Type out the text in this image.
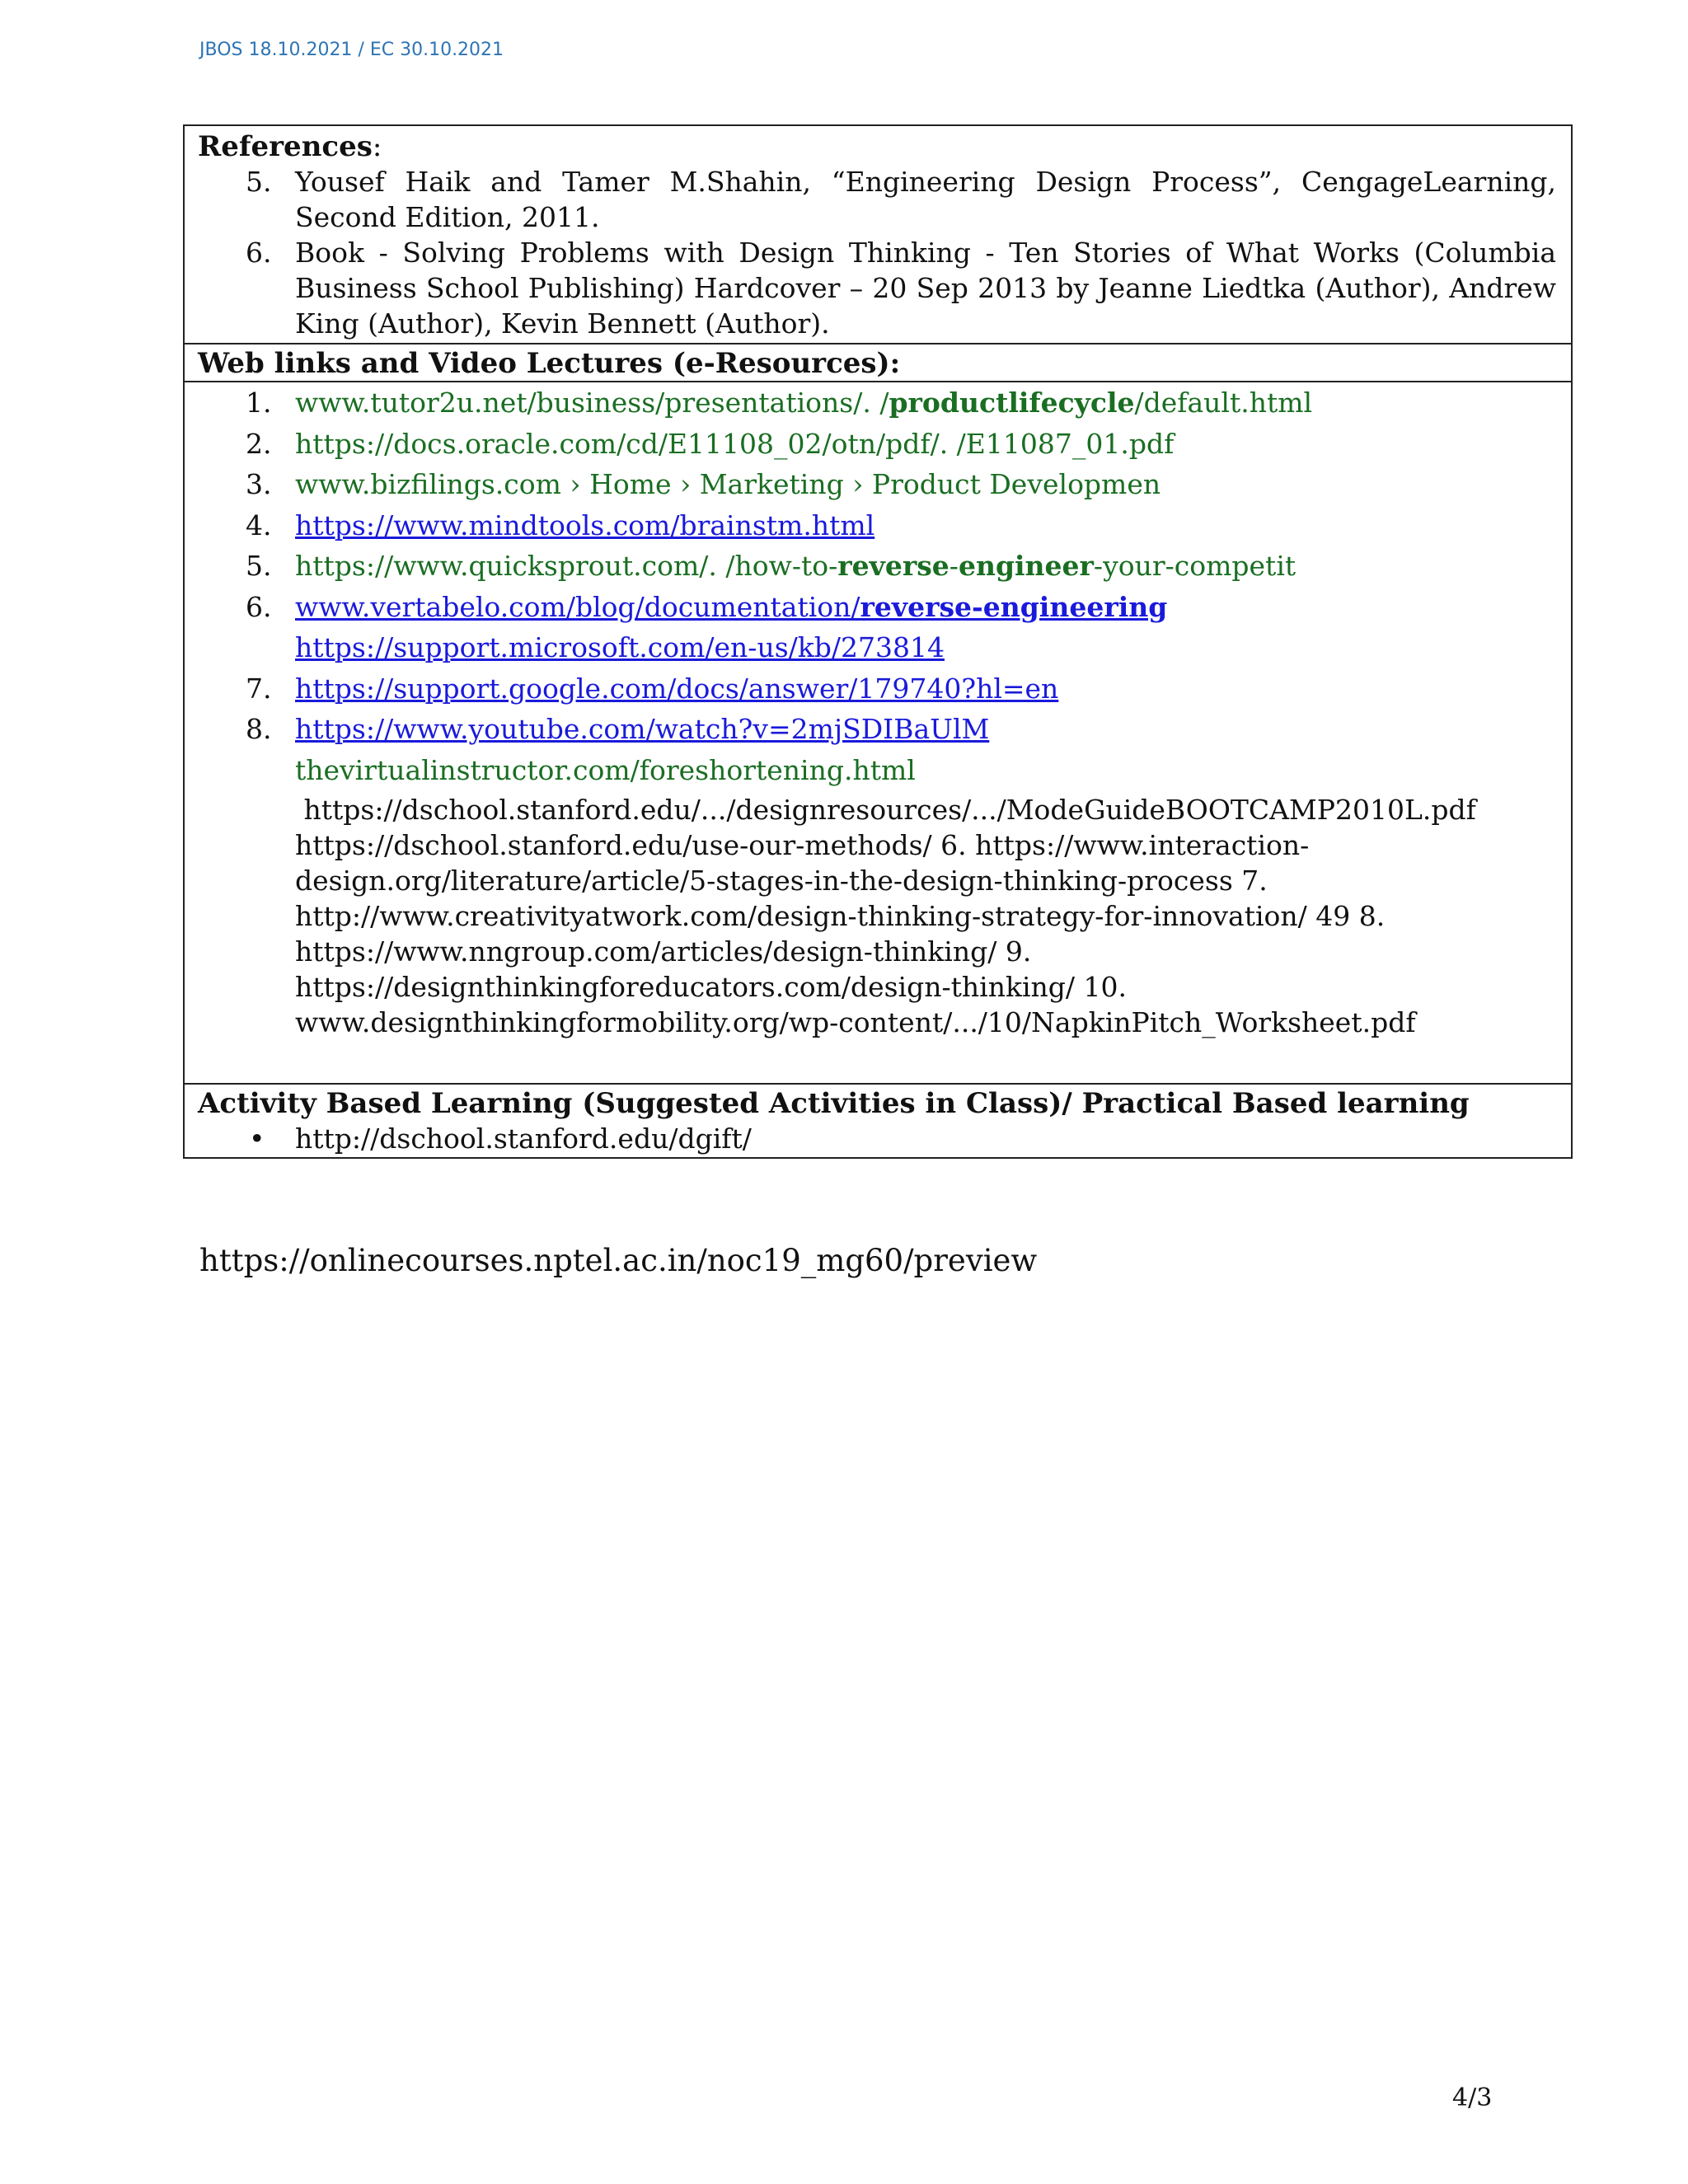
JBOS 18.10.2021 / EC 30.10.2021
References:
5. Yousef Haik and Tamer M.Shahin, “Engineering Design Process”, CengageLearning, Second Edition, 2011.
6. Book - Solving Problems with Design Thinking - Ten Stories of What Works (Columbia Business School Publishing) Hardcover – 20 Sep 2013 by Jeanne Liedtka (Author), Andrew King (Author), Kevin Bennett (Author).
Web links and Video Lectures (e-Resources):
1. www.tutor2u.net/business/presentations/. /productlifecycle/default.html
2. https://docs.oracle.com/cd/E11108_02/otn/pdf/. /E11087_01.pdf
3. www.bizfilings.com › Home › Marketing › Product Developmen
4. https://www.mindtools.com/brainstm.html
5. https://www.quicksprout.com/. /how-to-reverse-engineer-your-competit
6. www.vertabelo.com/blog/documentation/reverse-engineering
https://support.microsoft.com/en-us/kb/273814
7. https://support.google.com/docs/answer/179740?hl=en
8. https://www.youtube.com/watch?v=2mjSDIBaUlM
thevirtualinstructor.com/foreshortening.html
https://dschool.stanford.edu/.../designresources/.../ModeGuideBOOTCAMP2010L.pdf
https://dschool.stanford.edu/use-our-methods/ 6. https://www.interaction-
design.org/literature/article/5-stages-in-the-design-thinking-process 7.
http://www.creativityatwork.com/design-thinking-strategy-for-innovation/ 49 8.
https://www.nngroup.com/articles/design-thinking/ 9.
https://designthinkingforeducators.com/design-thinking/ 10.
www.designthinkingformobility.org/wp-content/.../10/NapkinPitch_Worksheet.pdf
Activity Based Learning (Suggested Activities in Class)/ Practical Based learning
• http://dschool.stanford.edu/dgift/
https://onlinecourses.nptel.ac.in/noc19_mg60/preview
4/3
